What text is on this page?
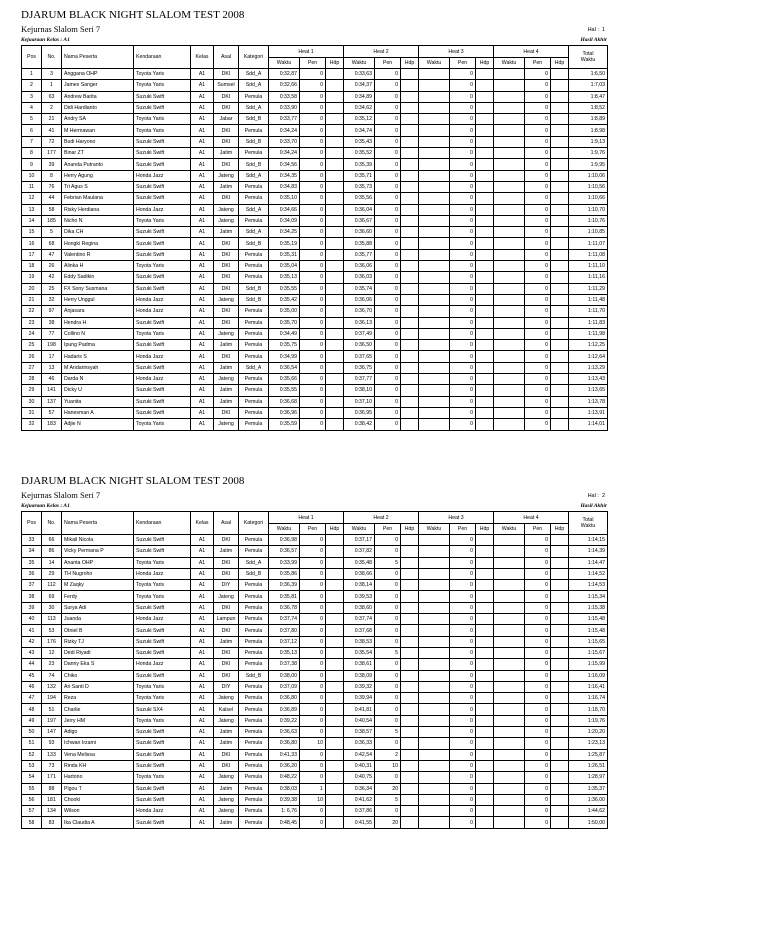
DJARUM BLACK NIGHT SLALOM TEST 2008
Kejurnas Slalom Seri 7	Hal : 1
Kejuaraan Kelas : A1	Hasil Akhir
Pos	No.	Nama Peserta	Kendaraan	Kelas	Asal	Kategori	Heat 1			Heat 2			Heat 3			Heat 4			Total
Waktu
							Waktu	Pen	Hdp	Waktu	Pen	Hdp	Waktu	Pen	Hdp	Waktu	Pen	Hdp	
1	3	Anggana OHP	Toyota Yaris	A1	DKI	Sdd_A	0:32,87	0		0:33,63	0			0			0		1:6,50
2	1	James Sanger	Toyota Yaris	A1	Sumsel	Sdd_A	0:32,66	0		0:34,37	0			0			0		1:7,03
3	63	Andrew Barita	Suzuki Swift	A1	DKI	Pemula	0:33,58	0		0:34,89	0			0			0		1:8,47
4	2	Didi Hardianto	Suzuki Swift	A1	DKI	Sdd_A	0:33,90	0		0:34,62	0			0			0		1:8,52
5	21	Andry SA	Toyota Yaris	A1	Jabar	Sdd_B	0:33,77	0		0:35,12	0			0			0		1:8,89
6	41	M Hermawan	Toyota Yaris	A1	DKI	Pemula	0:34,24	0		0:34,74	0			0			0		1:8,98
7	72	Budi Haryono	Suzuki Swift	A1	DKI	Sdd_B	0:33,70	0		0:35,43	0			0			0		1:9,13
8	177	Binar ZT	Suzuki Swift	A1	Jatim	Pemula	0:34,24	0		0:35,52	0			0			0		1:9,76
9	39	Ananda Putranto	Suzuki Swift	A1	DKI	Sdd_B	0:34,56	0		0:35,39	0			0			0		1:9,95
10	8	Herry Agung	Honda Jazz	A1	Jateng	Sdd_A	0:34,35	0		0:35,71	0			0			0		1:10,06
11	76	Tri Agus S	Suzuki Swift	A1	Jatim	Pemula	0:34,83	0		0:35,73	0			0			0		1:10,56
12	44	Febrian Maulana	Suzuki Swift	A1	DKI	Pemula	0:35,10	0		0:35,56	0			0			0		1:10,66
13	58	Risky Herdiana	Honda Jazz	A1	Jateng	Sdd_A	0:34,66	0		0:36,04	0			0			0		1:10,70
14	185	Nicho N	Toyota Yaris	A1	Jateng	Pemula	0:34,09	0		0:36,67	0			0			0		1:10,76
15	5	Dika CH	Suzuki Swift	A1	Jatim	Sdd_A	0:34,25	0		0:36,60	0			0			0		1:10,85
16	68	Hongki Regina	Suzuki Swift	A1	DKI	Sdd_B	0:35,19	0		0:35,88	0			0			0		1:11,07
17	47	Valentino R	Suzuki Swift	A1	DKI	Pemula	0:35,31	0		0:35,77	0			0			0		1:11,08
18	26	Alinka H	Toyota Yaris	A1	DKI	Pemula	0:35,04	0		0:36,06	0			0			0		1:11,10
19	42	Eddy Sadikin	Suzuki Swift	A1	DKI	Pemula	0:35,13	0		0:36,03	0			0			0		1:11,16
20	25	FX Sony Susmana	Suzuki Swift	A1	DKI	Sdd_B	0:35,55	0		0:35,74	0			0			0		1:11,29
21	32	Herry Unggul	Honda Jazz	A1	Jateng	Sdd_B	0:35,42	0		0:36,06	0			0			0		1:11,48
22	97	Anjasara	Honda Jazz	A1	DKI	Pemula	0:35,00	0		0:36,70	0			0			0		1:11,70
23	38	Hendra H	Suzuki Swift	A1	DKI	Pemula	0:35,70	0		0:36,13	0			0			0		1:11,83
24	77	Collino N	Toyota Yaris	A1	Jateng	Pemula	0:34,49	0		0:37,49	0			0			0		1:11,98
25	198	Ipung Padma	Suzuki Swift	A1	Jatim	Pemula	0:35,75	0		0:36,50	0			0			0		1:12,25
26	17	Hadaris S	Honda Jazz	A1	DKI	Pemula	0:34,99	0		0:37,65	0			0			0		1:12,64
27	13	M Andarinsyah	Suzuki Swift	A1	Jatim	Sdd_A	0:36,54	0		0:36,75	0			0			0		1:13,29
28	46	Darda N	Honda Jazz	A1	Jateng	Pemula	0:35,66	0		0:37,77	0			0			0		1:13,43
29	141	Dicky U	Suzuki Swift	A1	Jatim	Pemula	0:35,55	0		0:38,10	0			0			0		1:13,65
30	137	Yuanita	Suzuki Swift	A1	Jatim	Pemula	0:36,68	0		0:37,10	0			0			0		1:13,78
31	57	Hanesman A	Suzuki Swift	A1	DKI	Pemula	0:36,96	0		0:36,95	0			0			0		1:13,91
32	183	Adjie N	Toyota Yaris	A1	Jateng	Pemula	0:35,59	0		0:38,42	0			0			0		1:14,01
DJARUM BLACK NIGHT SLALOM TEST 2008
Kejurnas Slalom Seri 7	Hal : 2
Kejuaraan Kelas : A1	Hasil Akhir
Pos	No.	Nama Peserta	Kendaraan	Kelas	Asal	Kategori	Heat 1			Heat 2			Heat 3			Heat 4			Total
Waktu
							Waktu	Pen	Hdp	Waktu	Pen	Hdp	Waktu	Pen	Hdp	Waktu	Pen	Hdp	
33	66	Mikail Nicola	Suzuki Swift	A1	DKI	Pemula	0:36,98	0		0:37,17	0			0			0		1:14,15
34	86	Vicky Permana P	Suzuki Swift	A1	Jatim	Pemula	0:36,57	0		0:37,82	0			0			0		1:14,39
35	14	Ananta OHP	Toyota Yaris	A1	DKI	Sdd_A	0:33,99	0		0:35,48	5			0			0		1:14,47
36	29	TH Nugroho	Honda Jazz	A1	DKI	Sdd_B	0:35,86	0		0:38,66	0			0			0		1:14,52
37	112	M Zaqky	Toyota Yaris	A1	DIY	Pemula	0:36,39	0		0:38,14	0			0			0		1:14,53
38	69	Ferdy	Toyota Yaris	A1	Jateng	Pemula	0:35,81	0		0:39,53	0			0			0		1:15,34
39	30	Surya Adi	Suzuki Swift	A1	DKI	Pemula	0:36,78	0		0:38,60	0			0			0		1:15,38
40	113	Juanda	Honda Jazz	A1	Lampun	Pemula	0:37,74	0		0:37,74	0			0			0		1:15,48
41	53	Otniel B	Suzuki Swift	A1	DKI	Pemula	0:37,80	0		0:37,68	0			0			0		1:15,48
42	176	Rizky TJ	Suzuki Swift	A1	Jatim	Pemula	0:37,12	0		0:38,53	0			0			0		1:15,65
43	12	Dedi Riyadi	Suzuki Swift	A1	DKI	Pemula	0:35,13	0		0:35,54	5			0			0		1:15,67
44	23	Danny Eka S	Honda Jazz	A1	DKI	Pemula	0:37,38	0		0:38,61	0			0			0		1:15,99
45	74	Chiko	Suzuki Swift	A1	DKI	Sdd_B	0:38,00	0		0:38,09	0			0			0		1:16,09
46	132	Ari Santi D	Toyota Yaris	A1	DIY	Pemula	0:37,09	0		0:39,32	0			0			0		1:16,41
47	194	Reza	Toyota Yaris	A1	Jateng	Pemula	0:36,80	0		0:39,94	0			0			0		1:16,74
48	51	Charlie	Suzuki SX4	A1	Kalsel	Pemula	0:36,89	0		0:41,81	0			0			0		1:18,70
49	197	Jerry HM	Toyota Yaris	A1	Jateng	Pemula	0:39,22	0		0:40,54	0			0			0		1:19,76
50	147	Adigo	Suzuki Swift	A1	Jatim	Pemula	0:36,63	0		0:38,57	5			0			0		1:20,20
51	93	Ichwan Irzami	Suzuki Swift	A1	Jatim	Pemula	0:36,80	10		0:36,33	0			0			0		1:23,13
52	133	Vena Melissa	Suzuki Swift	A1	DKI	Pemula	0:41,33	0		0:42,54	2			0			0		1:25,87
53	73	Rinda KH	Suzuki Swift	A1	DKI	Pemula	0:36,20	0		0:40,31	10			0			0		1:26,51
54	171	Hartono	Toyota Yaris	A1	Jateng	Pemula	0:48,22	0		0:40,75	0			0			0		1:28,97
55	88	Pigou T	Suzuki Swift	A1	Jatim	Pemula	0:38,03	1		0:36,34	20			0			0		1:35,37
56	181	Chooki	Suzuki Swift	A1	Jateng	Pemula	0:39,38	10		0:41,62	5			0			0		1:36,00
57	134	Wilson	Honda Jazz	A1	Jateng	Pemula	1: 6,76	0		0:37,86	0			0			0		1:44,62
58	83	Ika Claudia A	Suzuki Swift	A1	Jatim	Pemula	0:48,45	0		0:41,55	20			0			0		1:50,00
